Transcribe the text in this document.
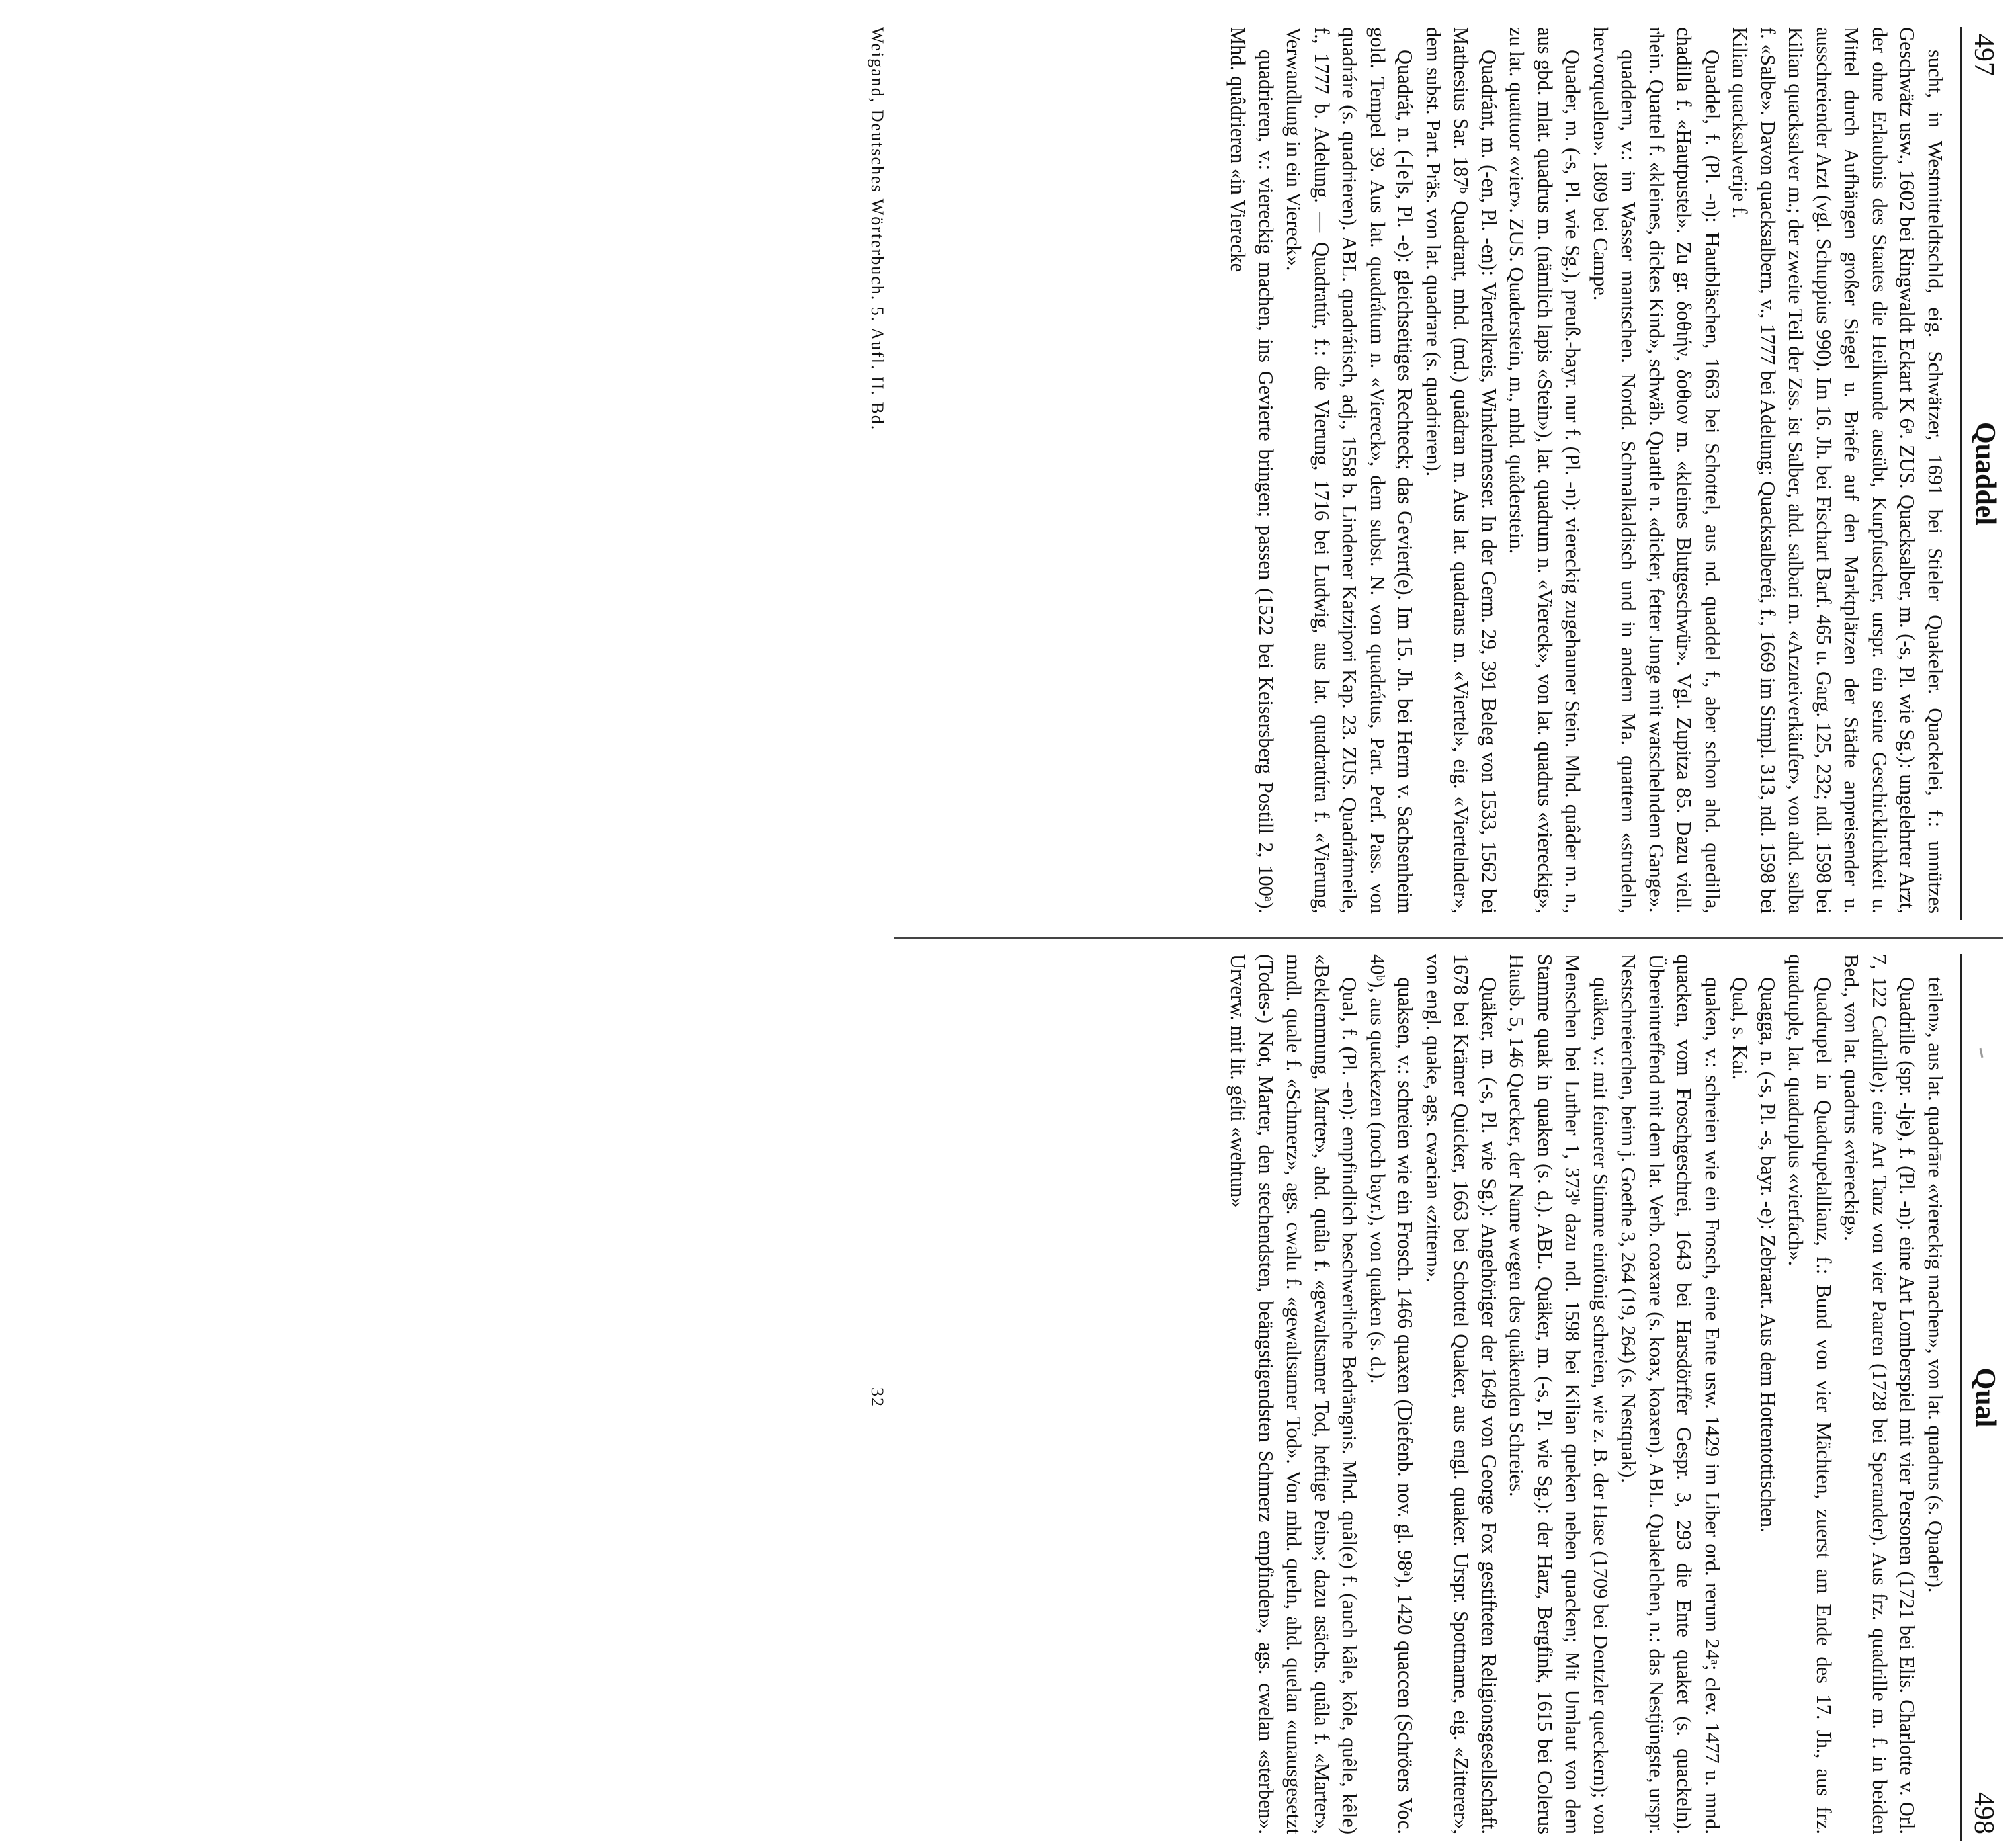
497
Quaddel

sucht, in Westmitteldtschld, eig. Schwätzer, 1691 bei Stieler Quakeler. Quackelei, f.: unnützes Geschwätz usw., 1602 bei Ringwaldt Eckart K 6ᵃ. ZUS. Quacksalber, m. (-s, Pl. wie Sg.): ungelehrter Arzt, der ohne Erlaubnis des Staates die Heilkunde ausübt, Kurpfuscher, urspr. ein seine Geschicklichkeit u. Mittel durch Aufhängen großer Siegel u. Briefe auf den Marktplätzen der Städte anpreisender u. ausschreiender Arzt (vgl. Schuppius 990). Im 16. Jh. bei Fischart Barf. 465 u. Garg. 125, 232; ndl. 1598 bei Kilian quacksalver m.; der zweite Teil der Zss. ist Salber, ahd. salbari m. «Arzneiverkäufer», von ahd. salba f. «Salbe». Davon quacksalbern, v., 1777 bei Adelung; Quacksalberéi, f., 1669 im Simpl. 313, ndl. 1598 bei Kilian quacksalverije f.

Quaddel, f. (Pl. -n): Hautbläschen, 1663 bei Schottel, aus nd. quaddel f., aber schon ahd. quedilla, chadilla f. «Hautpustel». Zu gr. δοθιήν, δοθιον m. «kleines Blutgeschwür». Vgl. Zupitza 85. Dazu viell. rhein. Quattel f. «kleines, dickes Kind», schwäb. Quattle n. «dicker, fetter Junge mit watschelndem Gange».

quaddern, v.: im Wasser mantschen. Nordd. Schmalkaldisch und in andern Ma. quattern «strudeln, hervorquellen». 1809 bei Campe.

Quader, m. (-s, Pl. wie Sg.), preuß.-bayr. nur f. (Pl. -n): viereckig zugehauner Stein. Mhd. quâder m. n., aus gbd. mlat. quadrus m. (nämlich lapis «Stein»), lat. quadrum n. «Viereck», von lat. quadrus «viereckig», zu lat. quattuor «vier». ZUS. Quaderstein, m., mhd. quâderstein.

Quadránt, m. (-en, Pl. -en): Viertelkreis, Winkelmesser. In der Germ. 29, 391 Beleg von 1533, 1562 bei Mathesius Sar. 187ᵇ Quadrant, mhd. (md.) quâdran m. Aus lat. quadrans m. «Viertel», eig. «Viertelnder», dem subst. Part. Präs. von lat. quadrare (s. quadrieren).

Quadrát, n. (-[e]s, Pl. -e): gleichseitiges Rechteck; das Geviert(e). Im 15. Jh. bei Herrn v. Sachsenheim gold. Tempel 39. Aus lat. quadrátum n. «Viereck», dem subst. N. von quadrátus, Part. Perf. Pass. von quadráre (s. quadrieren). ABL. quadrátisch, adj., 1558 b. Lindener Katzipori Kap. 23. ZUS. Quadrátmeile, f., 1777 b. Adelung. — Quadratúr, f.: die Vierung, 1716 bei Ludwig, aus lat. quadratúra f. «Vierung, Verwandlung in ein Viereck».

quadrieren, v.: viereckig machen, ins Gevierte bringen; passen (1522 bei Keisersberg Postill 2, 100ᵃ). Mhd. quâdrieren «in Vierecke

Weigand, Deutsches Wörterbuch. 5. Aufl. II. Bd.
Qual
498

teilen», aus lat. quadrāre «viereckig machen», von lat. quadrus (s. Quader).

Quadrille (spr. -lje), f. (Pl. -n): eine Art Lomberspiel mit vier Personen (1721 bei Elis. Charlotte v. Orl. 7, 122 Cadrille); eine Art Tanz von vier Paaren (1728 bei Sperander). Aus frz. quadrille m. f. in beiden Bed., von lat. quadrus «viereckig».

Quadrupel in Quadrupelallianz, f.: Bund von vier Mächten, zuerst am Ende des 17. Jh., aus frz. quadruple, lat. quadruplus «vierfach».

Quagga, n. (-s, Pl. -s, bayr. -e): Zebraart. Aus dem Hottentottischen.

Qual, s. Kai.

quaken, v.: schreien wie ein Frosch, eine Ente usw. 1429 im Liber ord. rerum 24ᵃ; clev. 1477 u. mnd. quacken, vom Froschgeschrei, 1643 bei Harsdörffer Gespr. 3, 293 die Ente quaket (s. quackeln). Übereintreffend mit dem lat. Verb. coaxare (s. koax, koaxen). ABL. Quakelchen, n.: das Nestjüngste, urspr. Nestschreierchen, beim j. Goethe 3, 264 (19, 264) (s. Nestquak).

quäken, v.: mit feinerer Stimme eintönig schreien, wie z. B. der Hase (1709 bei Dentzler queckern); von Menschen bei Luther 1, 373ᵇ dazu ndl. 1598 bei Kilian queken neben quacken; Mit Umlaut von dem Stamme quak in quaken (s. d.). ABL. Quäker, m. (-s, Pl. wie Sg.): der Harz, Bergfink, 1615 bei Colerus Hausb. 5, 146 Quecker, der Name wegen des quäkenden Schreies.

Quäker, m. (-s, Pl. wie Sg.): Angehöriger der 1649 von George Fox gestifteten Religionsgesellschaft. 1678 bei Krämer Quicker, 1663 bei Schottel Quaker, aus engl. quaker. Urspr. Spottname, eig. «Zitterer», von engl. quake, ags. cwacian «zittern».

quaksen, v.: schreien wie ein Frosch. 1466 quaxen (Diefenb. nov. gl. 98ᵃ), 1420 quaccen (Schröers Voc. 40ᵇ), aus quackezen (noch bayr.), von quaken (s. d.).

Qual, f. (Pl. -en): empfindlich beschwerliche Bedrängnis. Mhd. quâl(e) f. (auch kâle, kôle, quêle, kêle) «Beklemmung, Marter», ahd. quâla f. «gewaltsamer Tod, heftige Pein»; dazu asächs. quâla f. «Marter», mndl. quale f. «Schmerz», ags. cwalu f. «gewaltsamer Tod». Von mhd. queln, ahd. quelan «unausgesetzt (Todes-) Not, Marter, den stechendsten, beängstigendsten Schmerz empfinden», ags. cwelan «sterben». Urverw. mit lit. gélti «wehtun»

32
